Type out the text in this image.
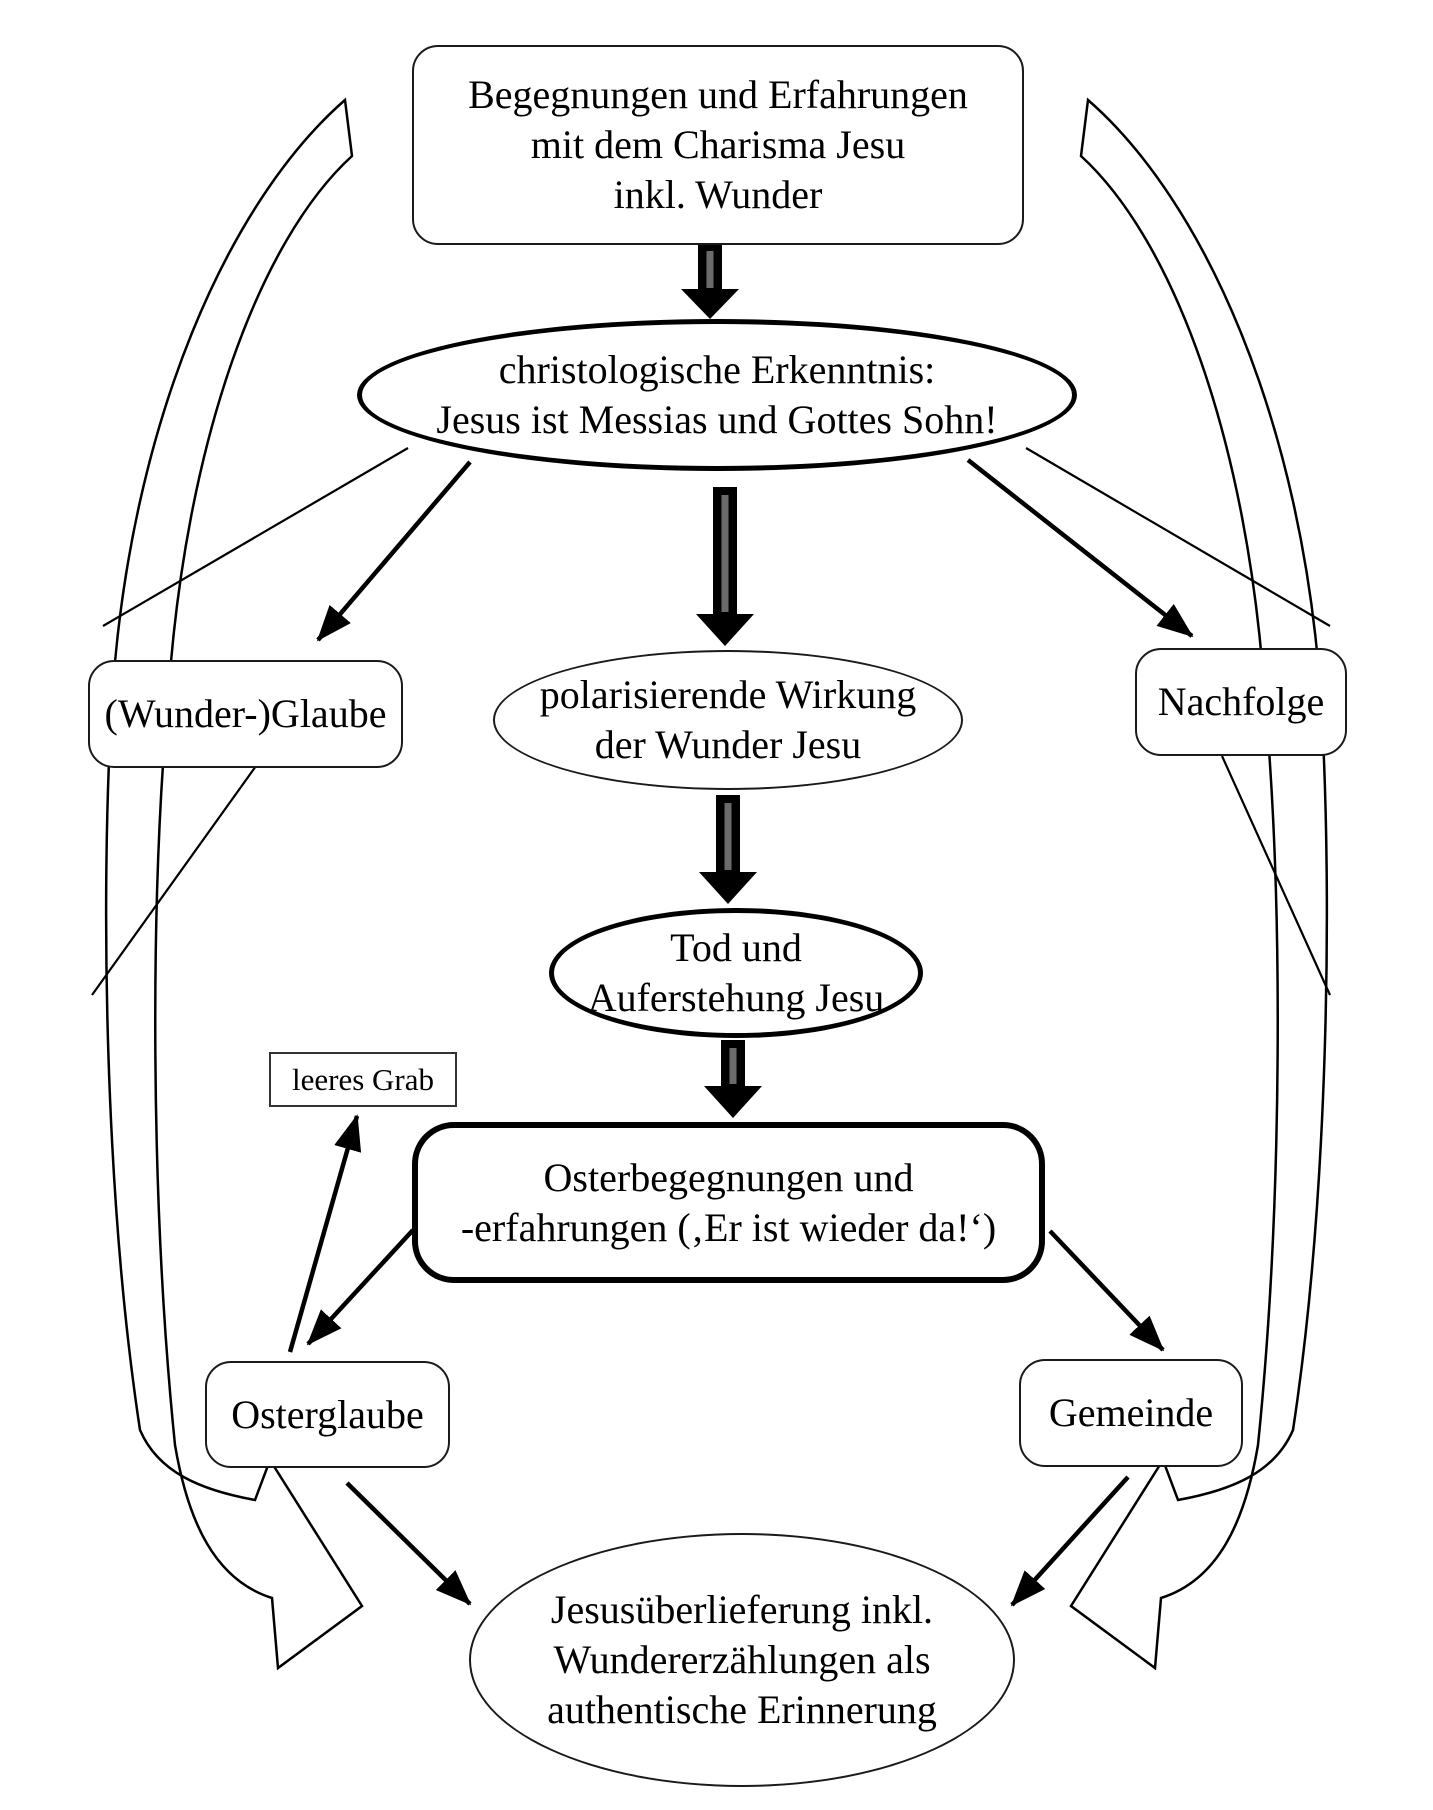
Begegnungen und Erfahrungen
mit dem Charisma Jesu
inkl. Wunder
christologische Erkenntnis:
Jesus ist Messias und Gottes Sohn!
(Wunder-)Glaube	polarisierende Wirkung
der Wunder Jesu
Nachfolge
Tod und
Auferstehung Jesu
leeres Grab
Osterbegegnungen und
-erfahrungen (‚Er ist wieder da!‘)
Osterglaube	Gemeinde
Jesusüberlieferung inkl.
Wundererzählungen als
authentische Erinnerung
